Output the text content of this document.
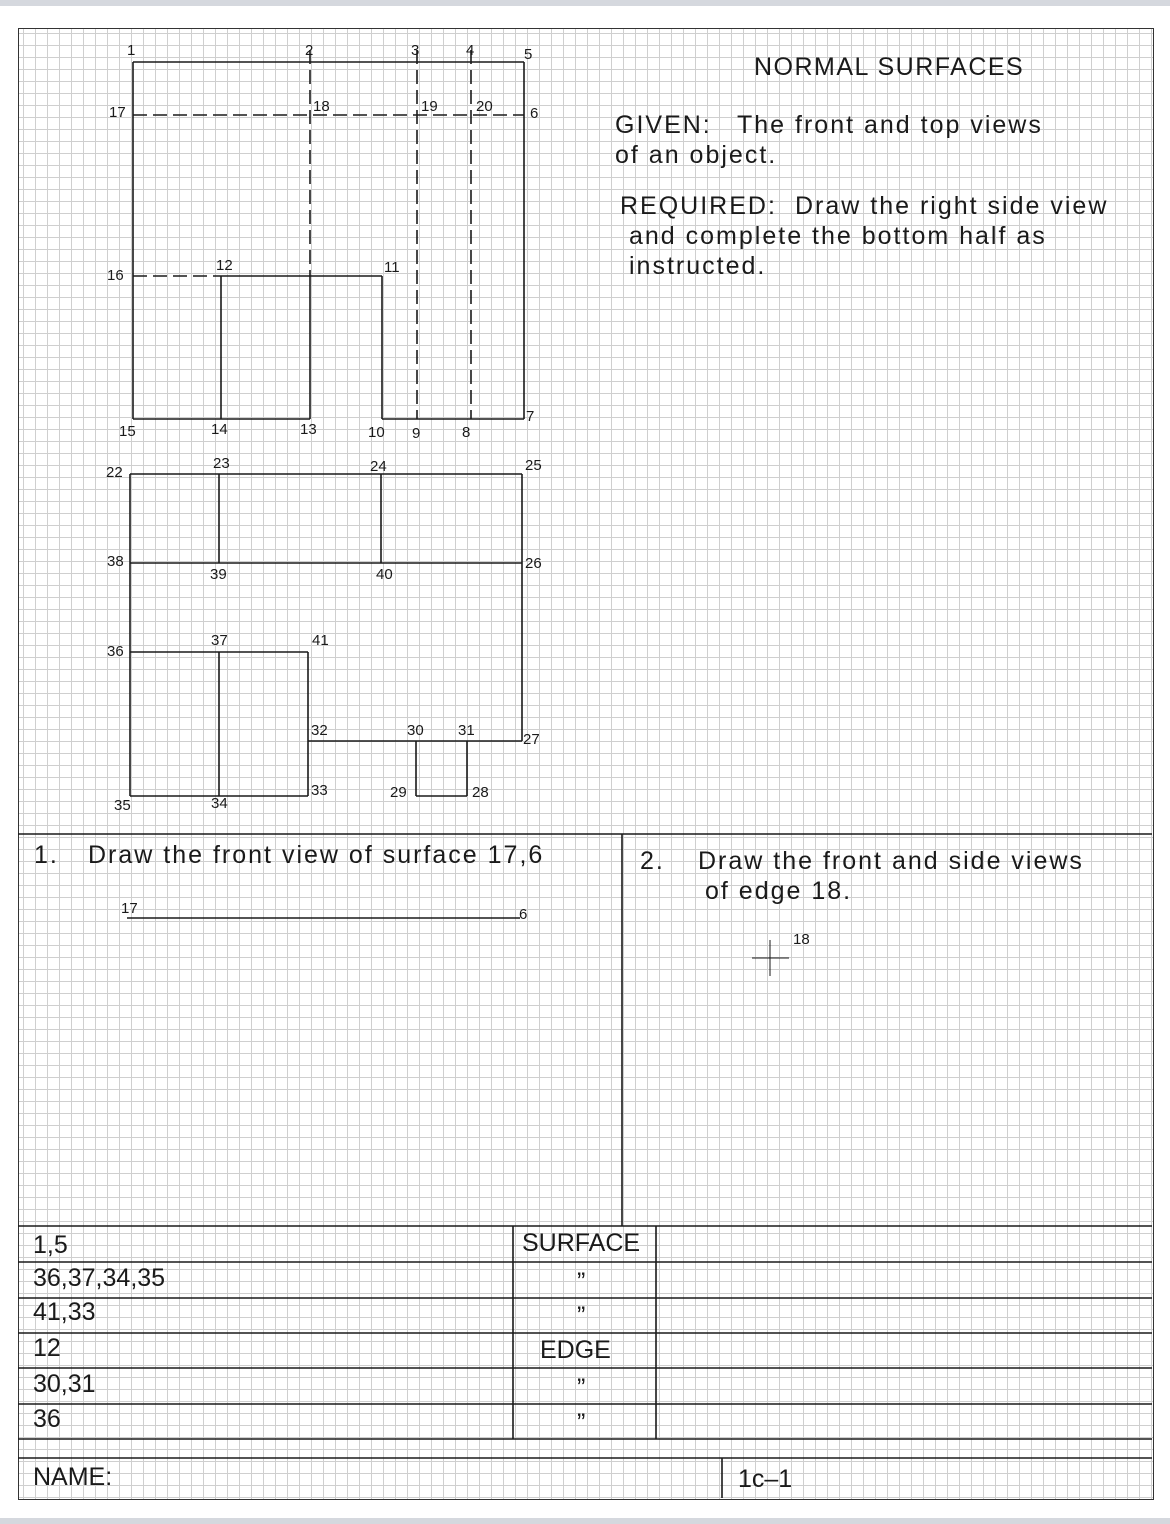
NORMAL SURFACES
GIVEN: The front and top views
of an object.
REQUIRED: Draw the right side view
and complete the bottom half as
instructed.
1	2	3	4	5
6
7
8
9
10
11
12
13
14
15
16
17	18	19	20
22
23	24	25
26
27
28
29
30 31
32
33
34
35
36
37
38
39	40
41
1. Draw the front view of surface 17,6
17	6
2. Draw the front and side views
of edge 18.
18
1,5	SURFACE
36,37,34,35	”
41,33	”
12	EDGE
30,31	”
36	”
NAME:	1c–1
